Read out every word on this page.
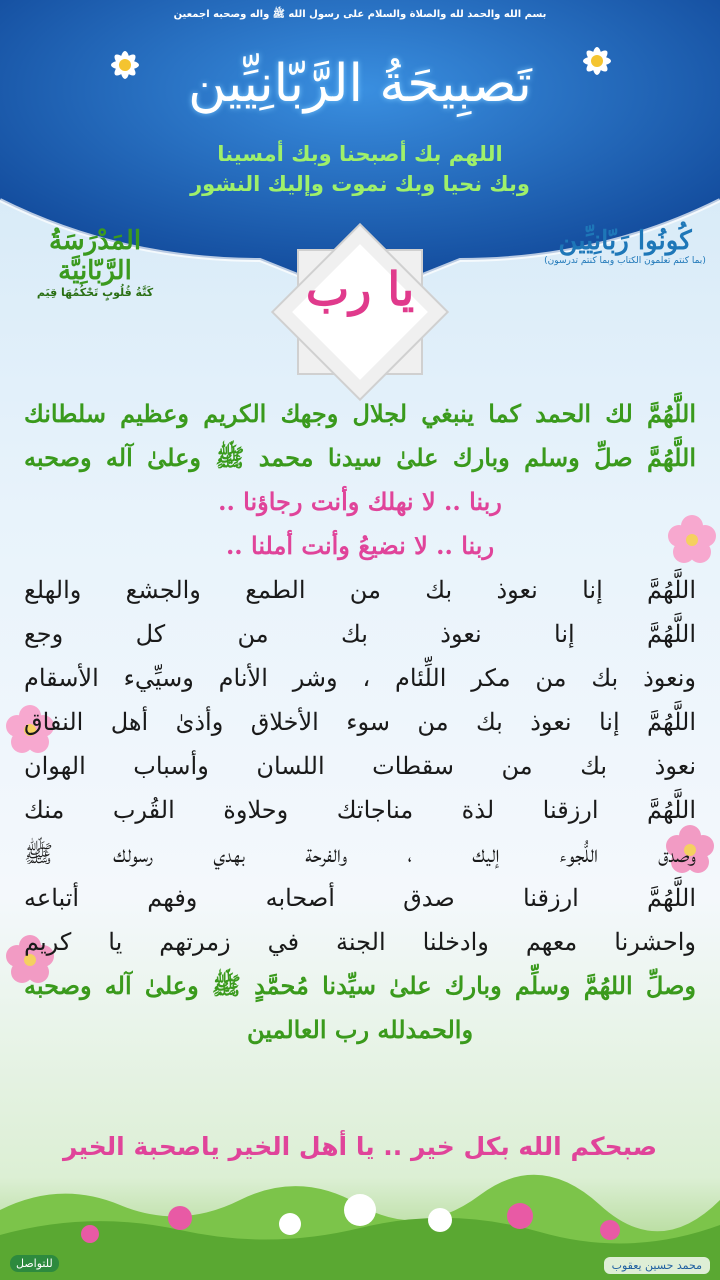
بسم الله والحمد لله والصلاة والسلام على رسول الله ﷺ واله وصحبه اجمعين
تَصبِيحَةُ الرَّبّانِيِّين
اللهم بك أصبحنا وبك أمسينا
وبك نحيا وبك نموت وإليك النشور
المَدْرَسَةُ الرَّبّانِيَّة
كَتَّةُ قُلُوبٍ تَحْكُمُهَا قِيَم
كُونُوا رَبّانِيِّين
(بما كنتم تعلمون الكتاب وبما كنتم تدرسون)
يا رب
اللَّهُمَّ لك الحمد كما ينبغي لجلال وجهك الكريم وعظيم سلطانك
اللَّهُمَّ صلِّ وسلم وبارك علىٰ سيدنا محمد ﷺ وعلىٰ آله وصحبه
ربنا .. لا نهلك وأنت رجاؤنا ..
ربنا .. لا نضيعُ وأنت أملنا ..
اللَّهُمَّ إنا نعوذ بك من الطمع والجشع والهلع
اللَّهُمَّ إنا نعوذ بك من كل وجع
ونعوذ بك من مكر اللِّئام ، وشر الأنام وسيِّيء الأسقام
اللَّهُمَّ إنا نعوذ بك من سوء الأخلاق وأذىٰ أهل النفاق
نعوذ بك من سقطات اللسان وأسباب الهوان
اللَّهُمَّ ارزقنا لذة مناجاتك وحلاوة القُرب منك
وصدق اللُّجوء إليك ، والفرحة بهدي رسولك ﷺ
اللَّهُمَّ ارزقنا صدق أصحابه وفهم أتباعه
واحشرنا معهم وادخلنا الجنة في زمرتهم يا كريم
وصلِّ اللهُمَّ وسلِّم وبارك علىٰ سيِّدنا مُحمَّدٍ ﷺ وعلىٰ آله وصحبه
والحمدلله رب العالمين
صبحكم الله بكل خير .. يا أهل الخير ياصحبة الخير
للتواصل	محمد حسين يعقوب
